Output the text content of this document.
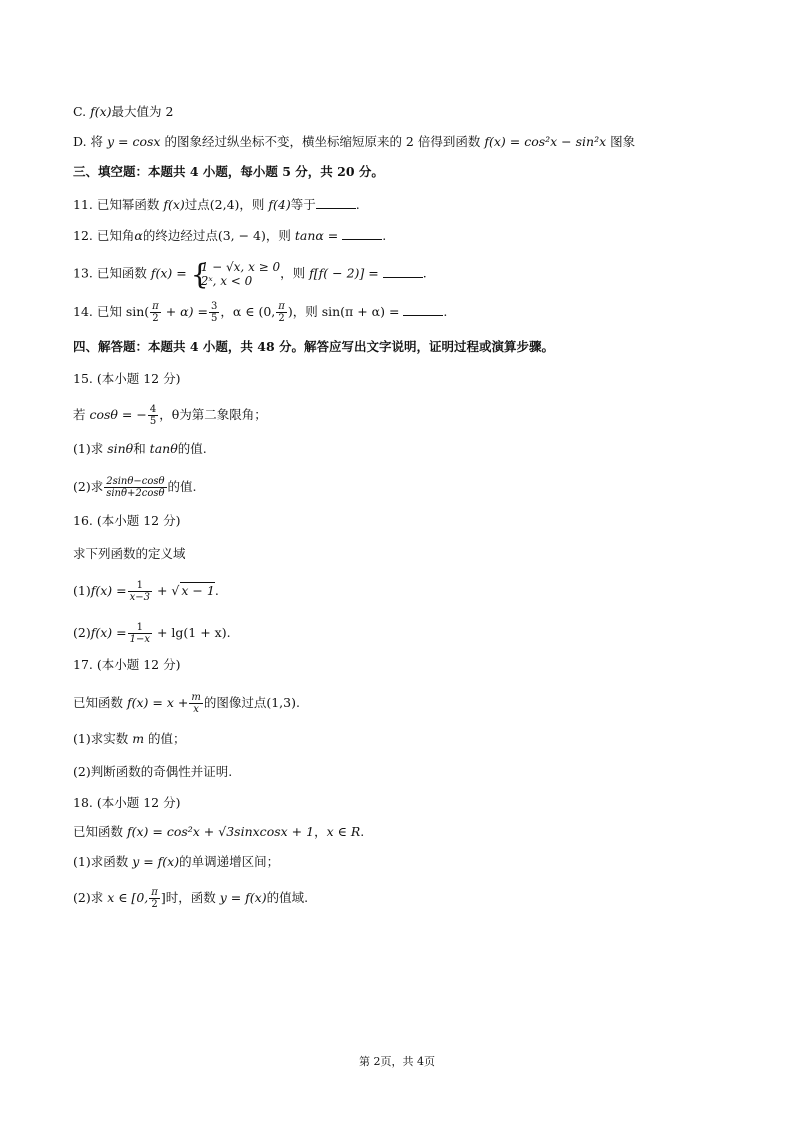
C. f(x)最大值为 2
D. 将 y = cosx 的图象经过纵坐标不变，横坐标缩短原来的 2 倍得到函数 f(x) = cos²x − sin²x 图象
三、填空题：本题共 4 小题，每小题 5 分，共 20 分。
11. 已知幂函数 f(x)过点(2,4)，则 f(4)等于	.
12. 已知角α的终边经过点(3, − 4)，则 tanα =	.
13. 已知函数 f(x) = {
1 − √x, x ≥ 0
2ˣ, x < 0
，则 f[f( − 2)] =	.
14. 已知 $\sin( \frac{\pi}{2} + \alpha) = \frac{3}{5}$ ，α ∈ (0, $\frac{\pi}{2}$ )，则 sin(π + α) =	.
四、解答题：本题共 4 小题，共 48 分。解答应写出文字说明，证明过程或演算步骤。
15. (本小题 12 分)
若 cosθ = − $\frac{4}{5}$ ，θ为第二象限角；
(1)求 sinθ和 tanθ的值.
(2)求 $\frac{2\sin\theta-\cos\theta}{\sin\theta+2\cos\theta}$ 的值.
16. (本小题 12 分)
求下列函数的定义域
$(1)f(x) = \frac{1}{x-3}$ + √ x − 1.
$(2)f(x) = \frac{1}{1-x} + \lg(1 + x)$.
17. (本小题 12 分)
已知函数 $f(x) = x + \frac{m}{x}$ 的图像过点(1,3).
(1)求实数 m 的值；
(2)判断函数的奇偶性并证明.
18. (本小题 12 分)
已知函数 f(x) = cos²x + √3sinxcosx + 1，x ∈ R.
(1)求函数 y = f(x)的单调递增区间；
(2)求 x ∈ [0, $\frac{\pi}{2}$ ]时，函数 y = f(x)的值域.
第 2页，共 4页
